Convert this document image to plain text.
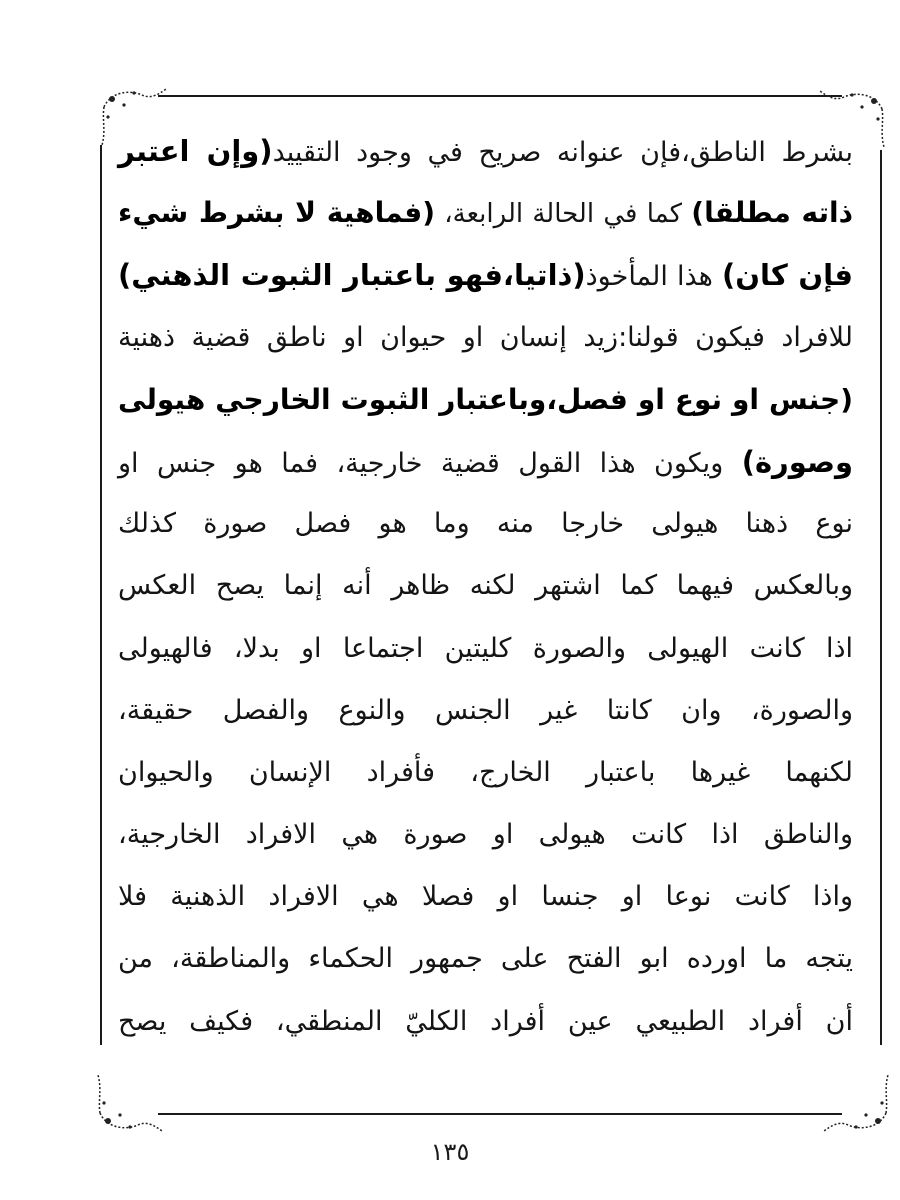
بشرط الناطق،فإن عنوانه صريح في وجود التقييد(وإن اعتبر
ذاته مطلقا) كما في الحالة الرابعة، (فماهية لا بشرط شيء
فإن كان) هذا المأخوذ(ذاتيا،فهو باعتبار الثبوت الذهني)
للافراد فيكون قولنا:زيد إنسان او حيوان او ناطق قضية ذهنية
(جنس او نوع او فصل،وباعتبار الثبوت الخارجي هيولى
وصورة) ويكون هذا القول قضية خارجية، فما هو جنس او
نوع ذهنا هيولى خارجا منه وما هو فصل صورة كذلك
وبالعكس فيهما كما اشتهر لكنه ظاهر أنه إنما يصح العكس
اذا كانت الهيولى والصورة كليتين اجتماعا او بدلا، فالهيولى
والصورة، وان كانتا غير الجنس والنوع والفصل حقيقة،
لكنهما غيرها باعتبار الخارج، فأفراد الإنسان والحيوان
والناطق اذا كانت هيولى او صورة هي الافراد الخارجية،
واذا كانت نوعا او جنسا او فصلا هي الافراد الذهنية فلا
يتجه ما اورده ابو الفتح على جمهور الحكماء والمناطقة، من
أن أفراد الطبيعي عين أفراد الكليّ المنطقي، فكيف يصح
١٣٥
